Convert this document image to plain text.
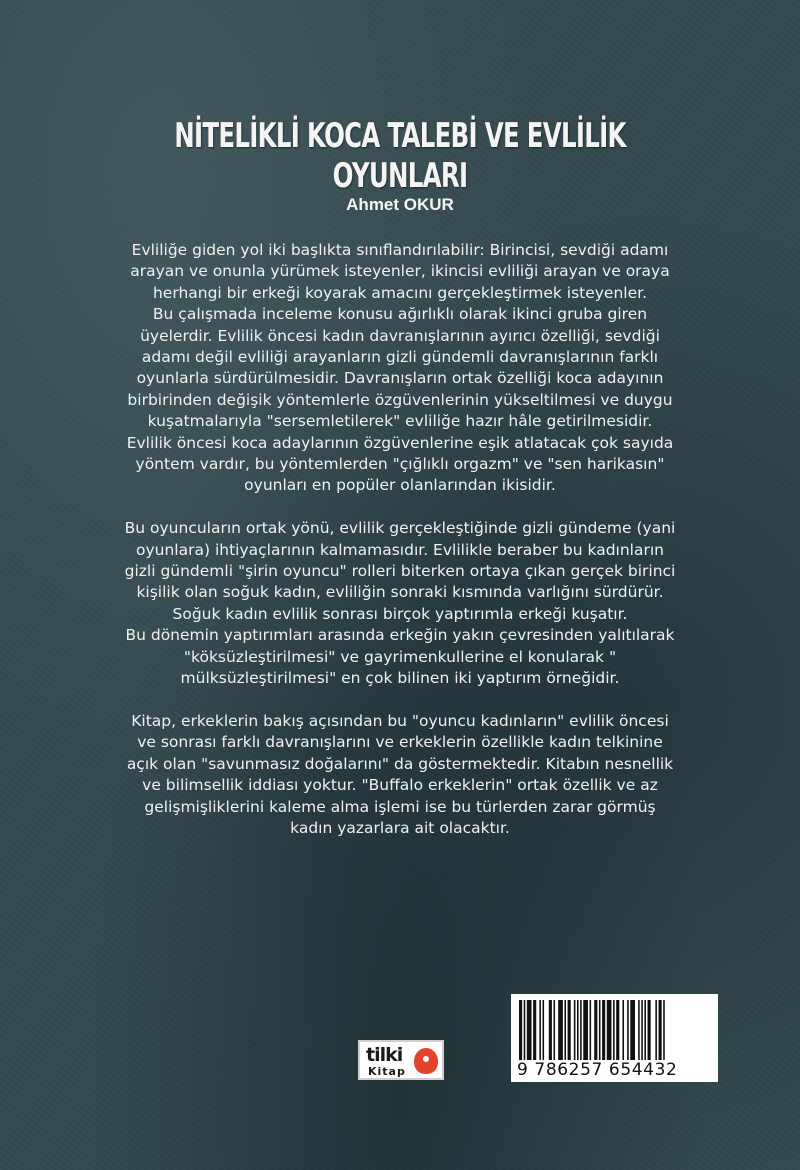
NİTELİKLİ KOCA TALEBİ VE EVLİLİK OYUNLARI
Ahmet OKUR

Evliliğe giden yol iki başlıkta sınıflandırılabilir: Birincisi, sevdiği adamı
arayan ve onunla yürümek isteyenler, ikincisi evliliği arayan ve oraya
herhangi bir erkeği koyarak amacını gerçekleştirmek isteyenler.
Bu çalışmada inceleme konusu ağırlıklı olarak ikinci gruba giren
üyelerdir. Evlilik öncesi kadın davranışlarının ayırıcı özelliği, sevdiği
adamı değil evliliği arayanların gizli gündemli davranışlarının farklı
oyunlarla sürdürülmesidir. Davranışların ortak özelliği koca adayının
birbirinden değişik yöntemlerle özgüvenlerinin yükseltilmesi ve duygu
kuşatmalarıyla "sersemletilerek" evliliğe hazır hâle getirilmesidir.
Evlilik öncesi koca adaylarının özgüvenlerine eşik atlatacak çok sayıda
yöntem vardır, bu yöntemlerden "çığlıklı orgazm" ve "sen harikasın"
oyunları en popüler olanlarından ikisidir.

Bu oyuncuların ortak yönü, evlilik gerçekleştiğinde gizli gündeme (yani
oyunlara) ihtiyaçlarının kalmamasıdır. Evlilikle beraber bu kadınların
gizli gündemli "şirin oyuncu" rolleri biterken ortaya çıkan gerçek birinci
kişilik olan soğuk kadın, evliliğin sonraki kısmında varlığını sürdürür.
Soğuk kadın evlilik sonrası birçok yaptırımla erkeği kuşatır.
Bu dönemin yaptırımları arasında erkeğin yakın çevresinden yalıtılarak
"köksüzleştirilmesi" ve gayrimenkullerine el konularak "
mülksüzleştirilmesi" en çok bilinen iki yaptırım örneğidir.

Kitap, erkeklerin bakış açısından bu "oyuncu kadınların" evlilik öncesi
ve sonrası farklı davranışlarını ve erkeklerin özellikle kadın telkinine
açık olan "savunmasız doğalarını" da göstermektedir. Kitabın nesnellik
ve bilimsellik iddiası yoktur. "Buffalo erkeklerin" ortak özellik ve az
gelişmişliklerini kaleme alma işlemi ise bu türlerden zarar görmüş
kadın yazarlara ait olacaktır.

tilki
Kitap	9 786257 654432
